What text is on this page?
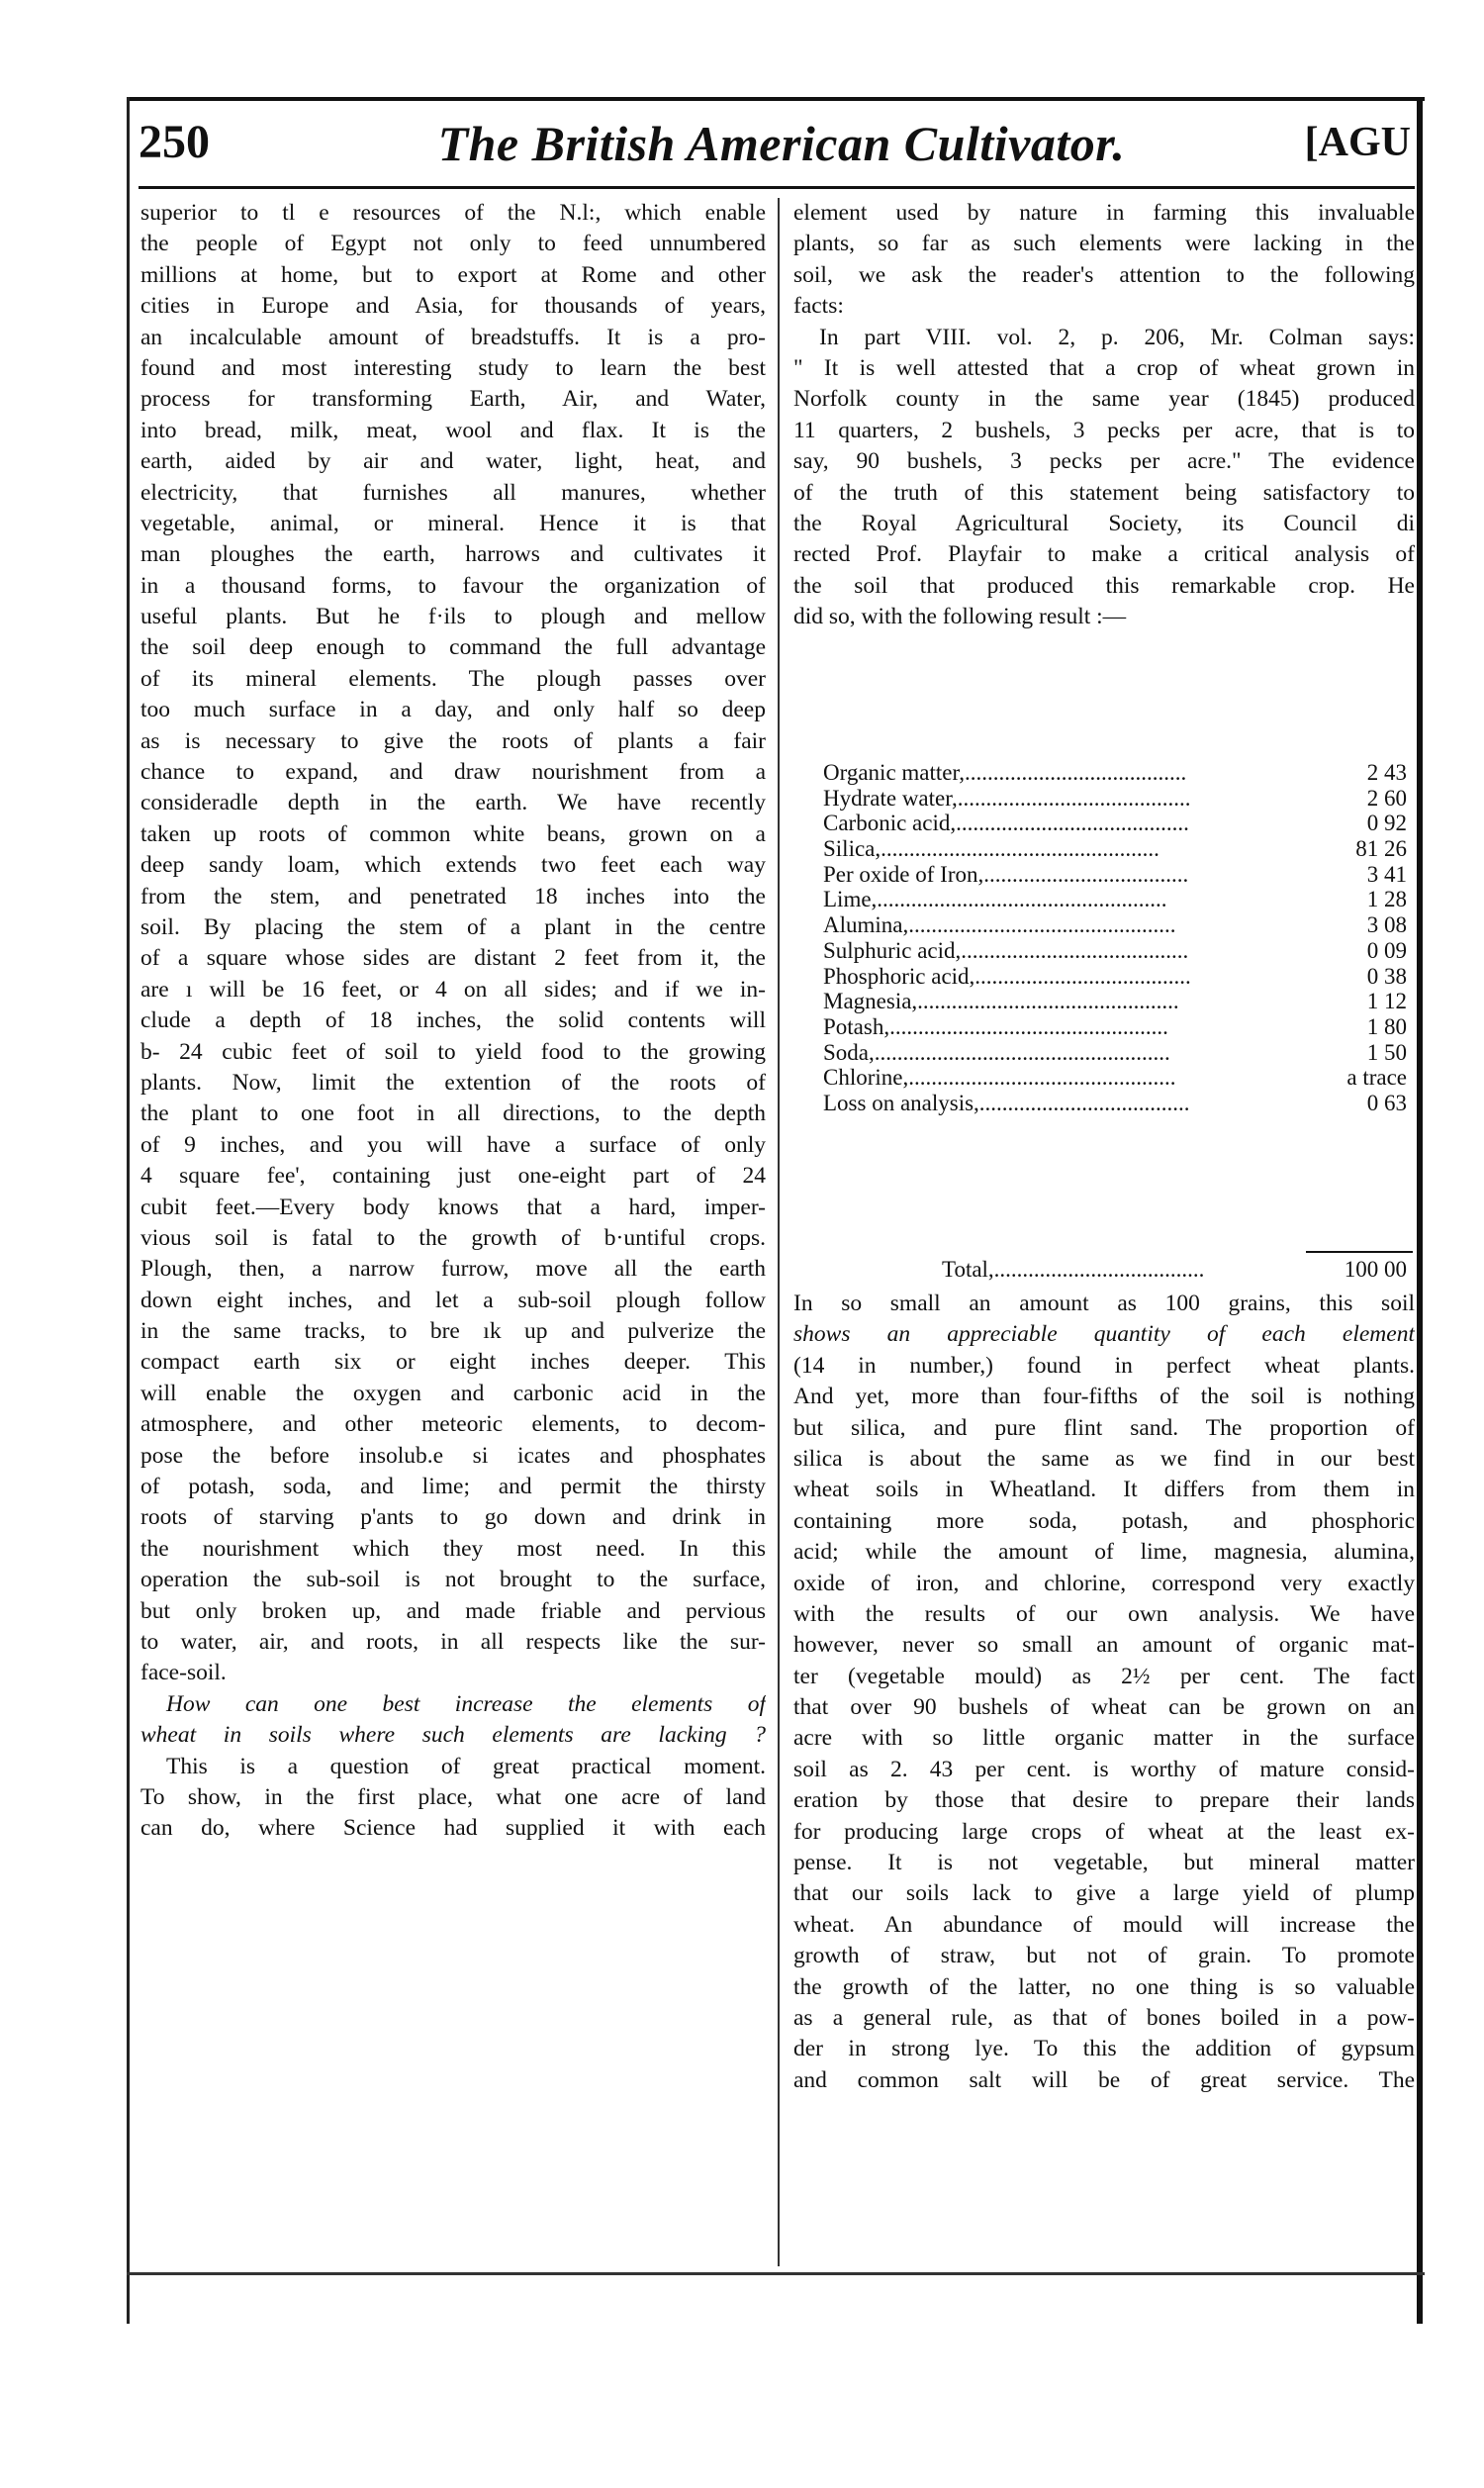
250	The British American Cultivator.	[AGU
superior to tl e resources of the N.l:, which enable
the people of Egypt not only to feed unnumbered
millions at home, but to export at Rome and other
cities in Europe and Asia, for thousands of years,
an incalculable amount of breadstuffs. It is a pro-
found and most interesting study to learn the best
process for transforming Earth, Air, and Water,
into bread, milk, meat, wool and flax. It is the
earth, aided by air and water, light, heat, and
electricity, that furnishes all manures, whether
vegetable, animal, or mineral. Hence it is that
man ploughes the earth, harrows and cultivates it
in a thousand forms, to favour the organization of
useful plants. But he f·ils to plough and mellow
the soil deep enough to command the full advantage
of its mineral elements. The plough passes over
too much surface in a day, and only half so deep
as is necessary to give the roots of plants a fair
chance to expand, and draw nourishment from a
consideradle depth in the earth. We have recently
taken up roots of common white beans, grown on a
deep sandy loam, which extends two feet each way
from the stem, and penetrated 18 inches into the
soil. By placing the stem of a plant in the centre
of a square whose sides are distant 2 feet from it, the
are ı will be 16 feet, or 4 on all sides; and if we in-
clude a depth of 18 inches, the solid contents will
b- 24 cubic feet of soil to yield food to the growing
plants. Now, limit the extention of the roots of
the plant to one foot in all directions, to the depth
of 9 inches, and you will have a surface of only
4 square fee', containing just one-eight part of 24
cubit feet.—Every body knows that a hard, imper-
vious soil is fatal to the growth of b·untiful crops.
Plough, then, a narrow furrow, move all the earth
down eight inches, and let a sub-soil plough follow
in the same tracks, to bre ık up and pulverize the
compact earth six or eight inches deeper. This
will enable the oxygen and carbonic acid in the
atmosphere, and other meteoric elements, to decom-
pose the before insolub.e si icates and phosphates
of potash, soda, and lime; and permit the thirsty
roots of starving p'ants to go down and drink in
the nourishment which they most need. In this
operation the sub-soil is not brought to the surface,
but only broken up, and made friable and pervious
to water, air, and roots, in all respects like the sur-
face-soil.
How can one best increase the elements of
wheat in soils where such elements are lacking ?
This is a question of great practical moment.
To show, in the first place, what one acre of land
can do, where Science had supplied it with each
element used by nature in farming this invaluable
plants, so far as such elements were lacking in the
soil, we ask the reader's attention to the following
facts:
In part VIII. vol. 2, p. 206, Mr. Colman says:
" It is well attested that a crop of wheat grown in
Norfolk county in the same year (1845) produced
11 quarters, 2 bushels, 3 pecks per acre, that is to
say, 90 bushels, 3 pecks per acre." The evidence
of the truth of this statement being satisfactory to
the Royal Agricultural Society, its Council di
rected Prof. Playfair to make a critical analysis of
the soil that produced this remarkable crop. He
did so, with the following result :—
Organic matter,.......................................	2 43
Hydrate water,.........................................	2 60
Carbonic acid,.........................................	0 92
Silica,.................................................	81 26
Per oxide of Iron,....................................	3 41
Lime,...................................................	1 28
Alumina,...............................................	3 08
Sulphuric acid,........................................	0 09
Phosphoric acid,......................................	0 38
Magnesia,..............................................	1 12
Potash,.................................................	1 80
Soda,....................................................	1 50
Chlorine,...............................................	a trace
Loss on analysis,.....................................	0 63
Total,.....................................	100 00
In so small an amount as 100 grains, this soil
shows an appreciable quantity of each element
(14 in number,) found in perfect wheat plants.
And yet, more than four-fifths of the soil is nothing
but silica, and pure flint sand. The proportion of
silica is about the same as we find in our best
wheat soils in Wheatland. It differs from them in
containing more soda, potash, and phosphoric
acid; while the amount of lime, magnesia, alumina,
oxide of iron, and chlorine, correspond very exactly
with the results of our own analysis. We have
however, never so small an amount of organic mat-
ter (vegetable mould) as 2½ per cent. The fact
that over 90 bushels of wheat can be grown on an
acre with so little organic matter in the surface
soil as 2. 43 per cent. is worthy of mature consid-
eration by those that desire to prepare their lands
for producing large crops of wheat at the least ex-
pense. It is not vegetable, but mineral matter
that our soils lack to give a large yield of plump
wheat. An abundance of mould will increase the
growth of straw, but not of grain. To promote
the growth of the latter, no one thing is so valuable
as a general rule, as that of bones boiled in a pow-
der in strong lye. To this the addition of gypsum
and common salt will be of great service. The
